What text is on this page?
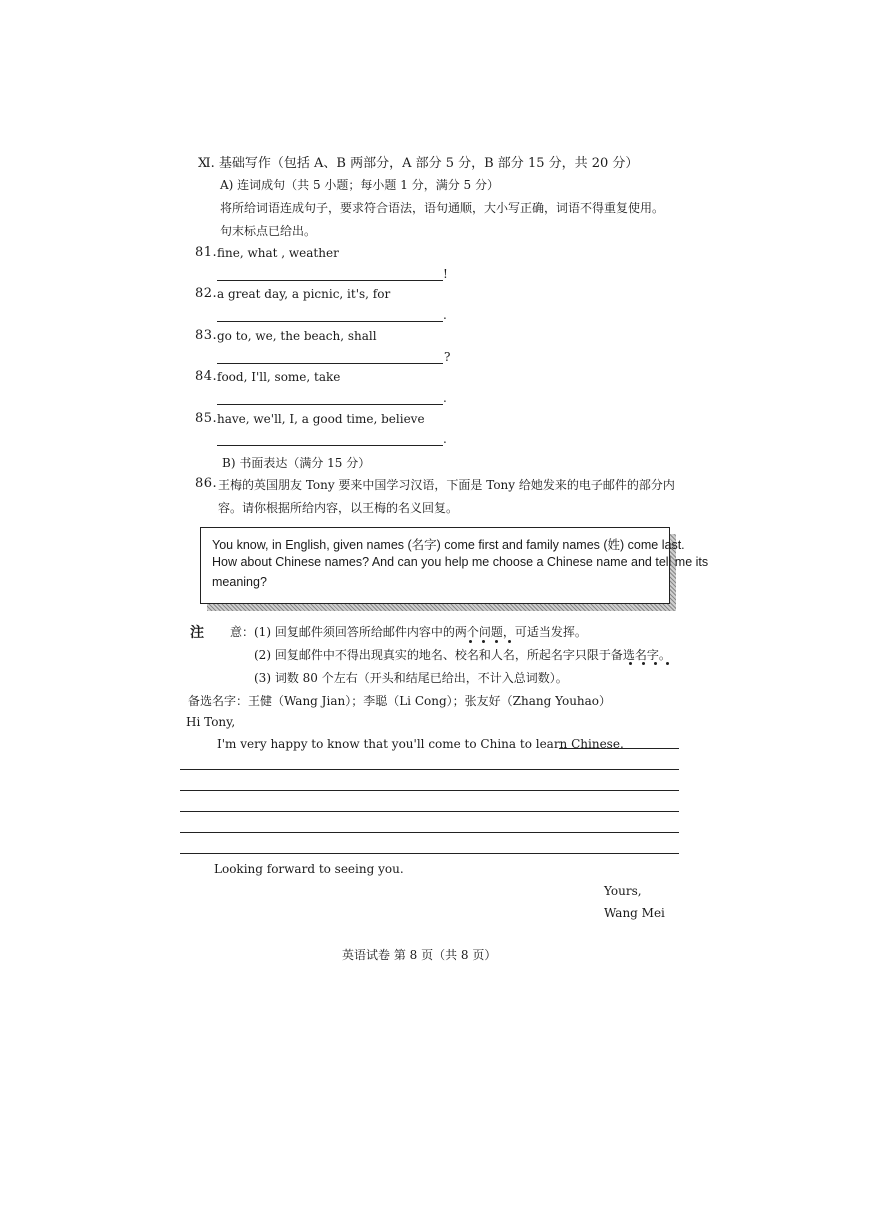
Ⅺ. 基础写作（包括 A、B 两部分，A 部分 5 分，B 部分 15 分，共 20 分）
A) 连词成句（共 5 小题；每小题 1 分，满分 5 分）
将所给词语连成句子，要求符合语法，语句通顺，大小写正确，词语不得重复使用。
句末标点已给出。
81. fine, what , weather
!
82. a great day, a picnic, it's, for
.
83. go to, we, the beach, shall
?
84. food, I'll, some, take
.
85. have, we'll, I, a good time, believe
.
B) 书面表达（满分 15 分）
86. 王梅的英国朋友 Tony 要来中国学习汉语，下面是 Tony 给她发来的电子邮件的部分内
容。请你根据所给内容，以王梅的名义回复。
You know, in English, given names (名字) come first and family names (姓) come last.
How about Chinese names? And can you help me choose a Chinese name and tell me its
meaning?
注 意： (1) 回复邮件须回答所给邮件内容中的两个问题，可适当发挥。
(2) 回复邮件中不得出现真实的地名、校名和人名，所起名字只限于备选名字。
(3) 词数 80 个左右（开头和结尾已给出，不计入总词数）。
备选名字：王健（Wang Jian）；李聪（Li Cong）；张友好（Zhang Youhao）
Hi Tony,
I'm very happy to know that you'll come to China to learn Chinese.
Looking forward to seeing you.
Yours,
Wang Mei
英语试卷 第 8 页（共 8 页）
